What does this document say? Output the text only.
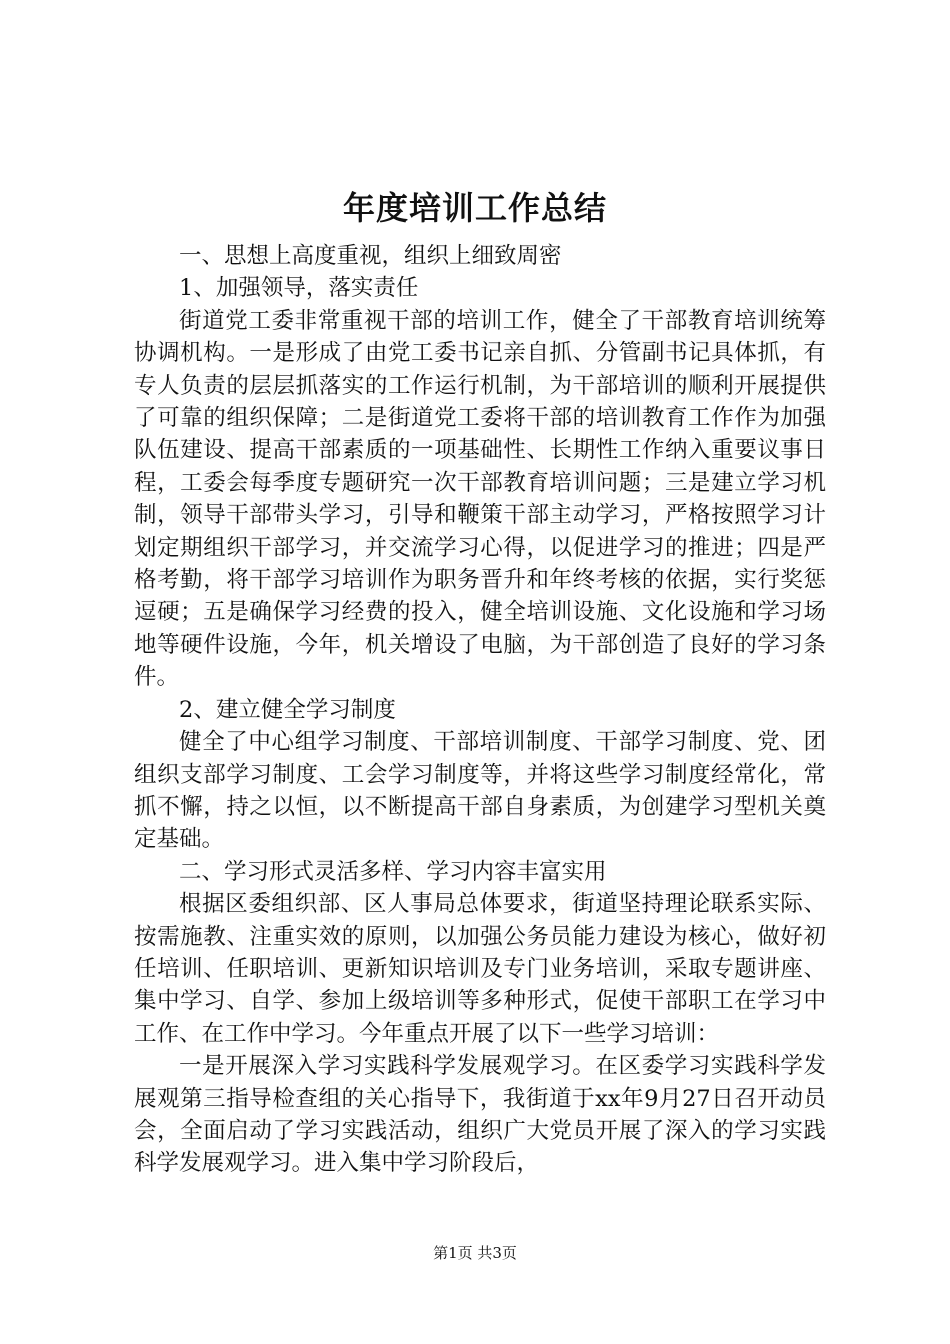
年度培训工作总结

一、思想上高度重视，组织上细致周密

1、加强领导，落实责任

街道党工委非常重视干部的培训工作，健全了干部教育培训统筹协调机构。一是形成了由党工委书记亲自抓、分管副书记具体抓，有专人负责的层层抓落实的工作运行机制，为干部培训的顺利开展提供了可靠的组织保障；二是街道党工委将干部的培训教育工作作为加强队伍建设、提高干部素质的一项基础性、长期性工作纳入重要议事日程，工委会每季度专题研究一次干部教育培训问题；三是建立学习机制，领导干部带头学习，引导和鞭策干部主动学习，严格按照学习计划定期组织干部学习，并交流学习心得，以促进学习的推进；四是严格考勤，将干部学习培训作为职务晋升和年终考核的依据，实行奖惩逗硬；五是确保学习经费的投入，健全培训设施、文化设施和学习场地等硬件设施，今年，机关增设了电脑，为干部创造了良好的学习条件。

2、建立健全学习制度

健全了中心组学习制度、干部培训制度、干部学习制度、党、团组织支部学习制度、工会学习制度等，并将这些学习制度经常化，常抓不懈，持之以恒，以不断提高干部自身素质，为创建学习型机关奠定基础。

二、学习形式灵活多样、学习内容丰富实用

根据区委组织部、区人事局总体要求，街道坚持理论联系实际、按需施教、注重实效的原则，以加强公务员能力建设为核心，做好初任培训、任职培训、更新知识培训及专门业务培训，采取专题讲座、集中学习、自学、参加上级培训等多种形式，促使干部职工在学习中工作、在工作中学习。今年重点开展了以下一些学习培训：

一是开展深入学习实践科学发展观学习。在区委学习实践科学发展观第三指导检查组的关心指导下，我街道于xx年9月27日召开动员会，全面启动了学习实践活动，组织广大党员开展了深入的学习实践科学发展观学习。进入集中学习阶段后，

第1页 共3页
